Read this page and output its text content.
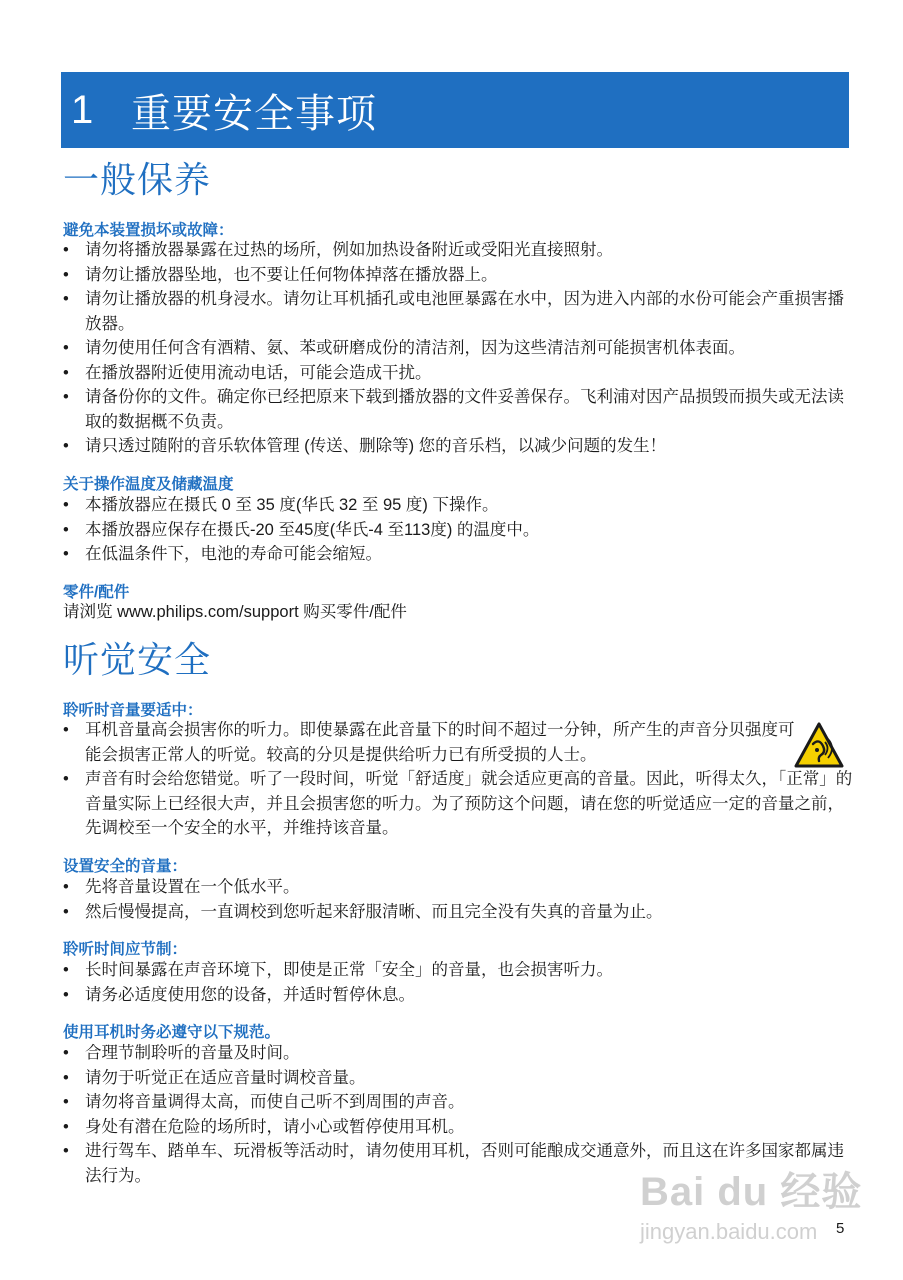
1 重要安全事项
一般保养
避免本装置损坏或故障：
• 请勿将播放器暴露在过热的场所，例如加热设备附近或受阳光直接照射。
• 请勿让播放器坠地，也不要让任何物体掉落在播放器上。
• 请勿让播放器的机身浸水。请勿让耳机插孔或电池匣暴露在水中，因为进入内部的水份可能会产重损害播放器。
• 请勿使用任何含有酒精、氨、苯或研磨成份的清洁剂，因为这些清洁剂可能损害机体表面。
• 在播放器附近使用流动电话，可能会造成干扰。
• 请备份你的文件。确定你已经把原来下载到播放器的文件妥善保存。飞利浦对因产品损毁而损失或无法读取的数据概不负责。
• 请只透过随附的音乐软体管理 (传送、删除等) 您的音乐档，以减少问题的发生！
关于操作温度及储藏温度
• 本播放器应在摄氏 0 至 35 度(华氏 32 至 95 度) 下操作。
• 本播放器应保存在摄氏-20 至45度(华氏-4 至113度) 的温度中。
• 在低温条件下，电池的寿命可能会缩短。
零件/配件
请浏览 www.philips.com/support 购买零件/配件
听觉安全
聆听时音量要适中：
• 耳机音量高会损害你的听力。即使暴露在此音量下的时间不超过一分钟，所产生的声音分贝强度可能会损害正常人的听觉。较高的分贝是提供给听力已有所受损的人士。
• 声音有时会给您错觉。听了一段时间，听觉「舒适度」就会适应更高的音量。因此，听得太久，「正常」的音量实际上已经很大声，并且会损害您的听力。为了预防这个问题，请在您的听觉适应一定的音量之前，先调校至一个安全的水平，并维持该音量。
设置安全的音量：
• 先将音量设置在一个低水平。
• 然后慢慢提高，一直调校到您听起来舒服清晰、而且完全没有失真的音量为止。
聆听时间应节制：
• 长时间暴露在声音环境下，即使是正常「安全」的音量，也会损害听力。
• 请务必适度使用您的设备，并适时暂停休息。
使用耳机时务必遵守以下规范。
• 合理节制聆听的音量及时间。
• 请勿于听觉正在适应音量时调校音量。
• 请勿将音量调得太高，而使自己听不到周围的声音。
• 身处有潜在危险的场所时，请小心或暂停使用耳机。
• 进行驾车、踏单车、玩滑板等活动时，请勿使用耳机，否则可能酿成交通意外，而且这在许多国家都属违法行为。	Bai du 经验
jingyan.baidu.com	5
